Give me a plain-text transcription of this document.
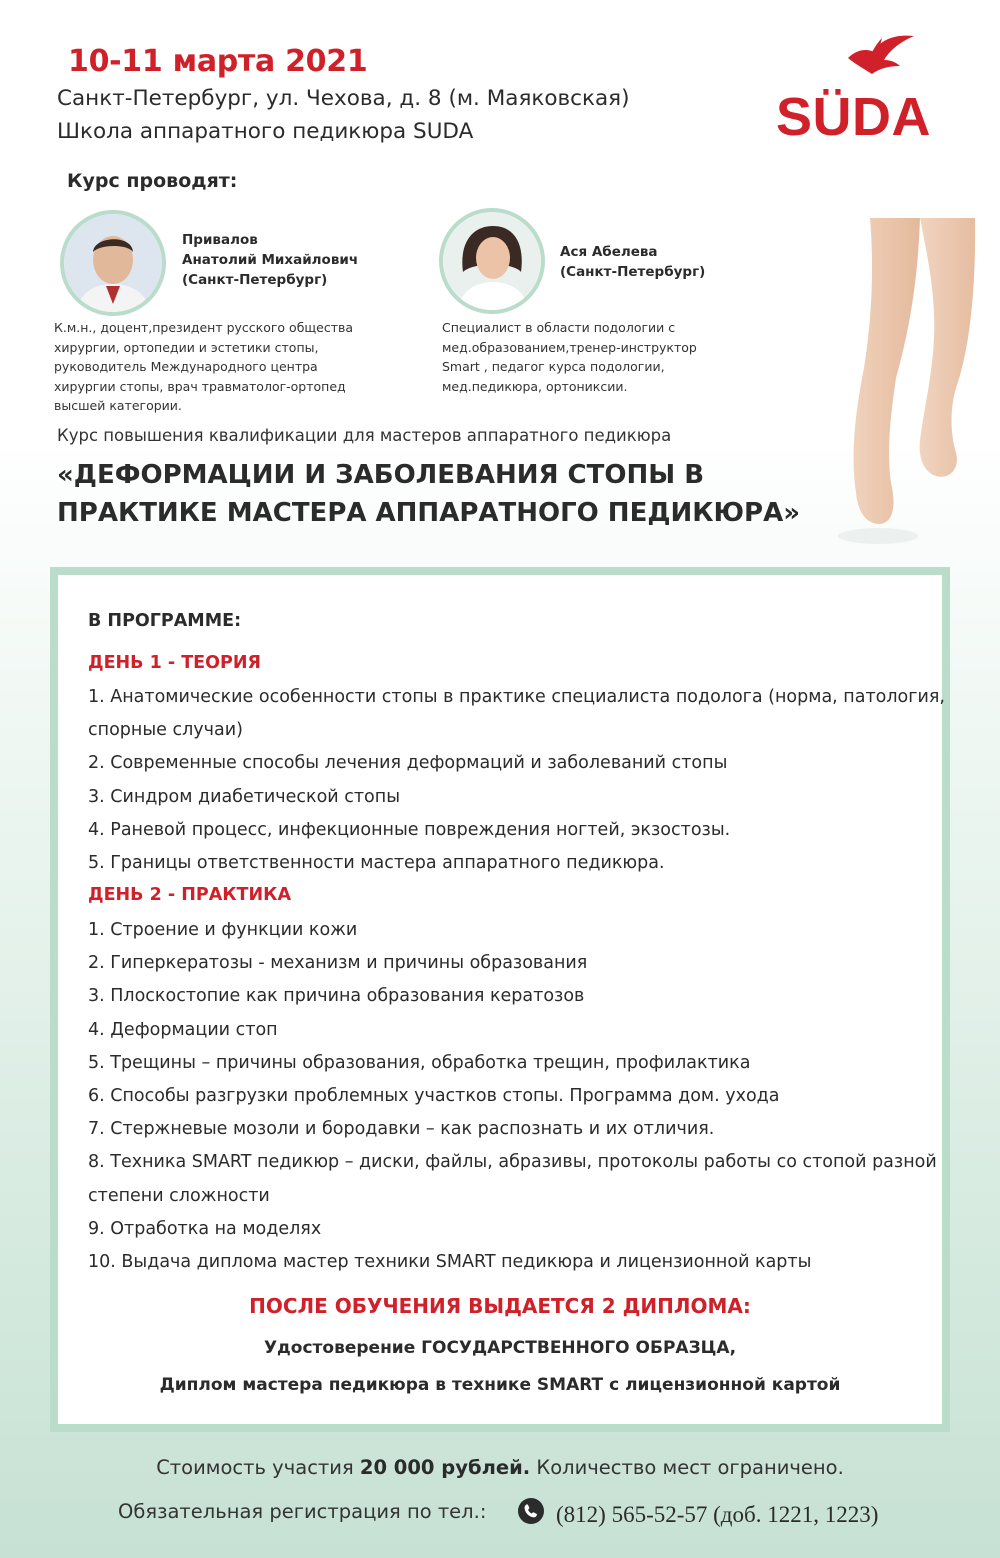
10-11 марта 2021
Санкт-Петербург, ул. Чехова, д. 8 (м. Маяковская)
Школа аппаратного педикюра SUDA
Курс проводят:
SÜDA
Привалов
Анатолий Михайлович
(Санкт-Петербург)
К.м.н., доцент,президент русского общества
хирургии, ортопедии и эстетики стопы,
руководитель Международного центра
хирургии стопы, врач травматолог-ортопед
высшей категории.
Ася Абелева
(Санкт-Петербург)
Специалист в области подологии с
мед.образованием,тренер-инструктор
Smart , педагог курса подологии,
мед.педикюра, ортониксии.
Курс повышения квалификации для мастеров аппаратного педикюра
«ДЕФОРМАЦИИ И ЗАБОЛЕВАНИЯ СТОПЫ В
ПРАКТИКЕ МАСТЕРА АППАРАТНОГО ПЕДИКЮРА»
В ПРОГРАММЕ:
ДЕНЬ 1 - ТЕОРИЯ
1. Анатомические особенности стопы в практике специалиста подолога (норма, патология,
спорные случаи)
2. Современные способы лечения деформаций и заболеваний стопы
3. Синдром диабетической стопы
4. Раневой процесс, инфекционные повреждения ногтей, экзостозы.
5. Границы ответственности мастера аппаратного педикюра.
ДЕНЬ 2 - ПРАКТИКА
1. Строение и функции кожи
2. Гиперкератозы - механизм и причины образования
3. Плоскостопие как причина образования кератозов
4. Деформации стоп
5. Трещины – причины образования, обработка трещин, профилактика
6. Способы разгрузки проблемных участков стопы. Программа дом. ухода
7. Стержневые мозоли и бородавки – как распознать и их отличия.
8. Техника SMART педикюр – диски, файлы, абразивы, протоколы работы со стопой разной
степени сложности
9. Отработка на моделях
10. Выдача диплома мастер техники SMART педикюра и лицензионной карты
ПОСЛЕ ОБУЧЕНИЯ ВЫДАЕТСЯ 2 ДИПЛОМА:
Удостоверение ГОСУДАРСТВЕННОГО ОБРАЗЦА,
Диплом мастера педикюра в технике SMART с лицензионной картой
Стоимость участия 20 000 рублей. Количество мест ограничено.
Обязательная регистрация по тел.:	(812) 565-52-57 (доб. 1221, 1223)
